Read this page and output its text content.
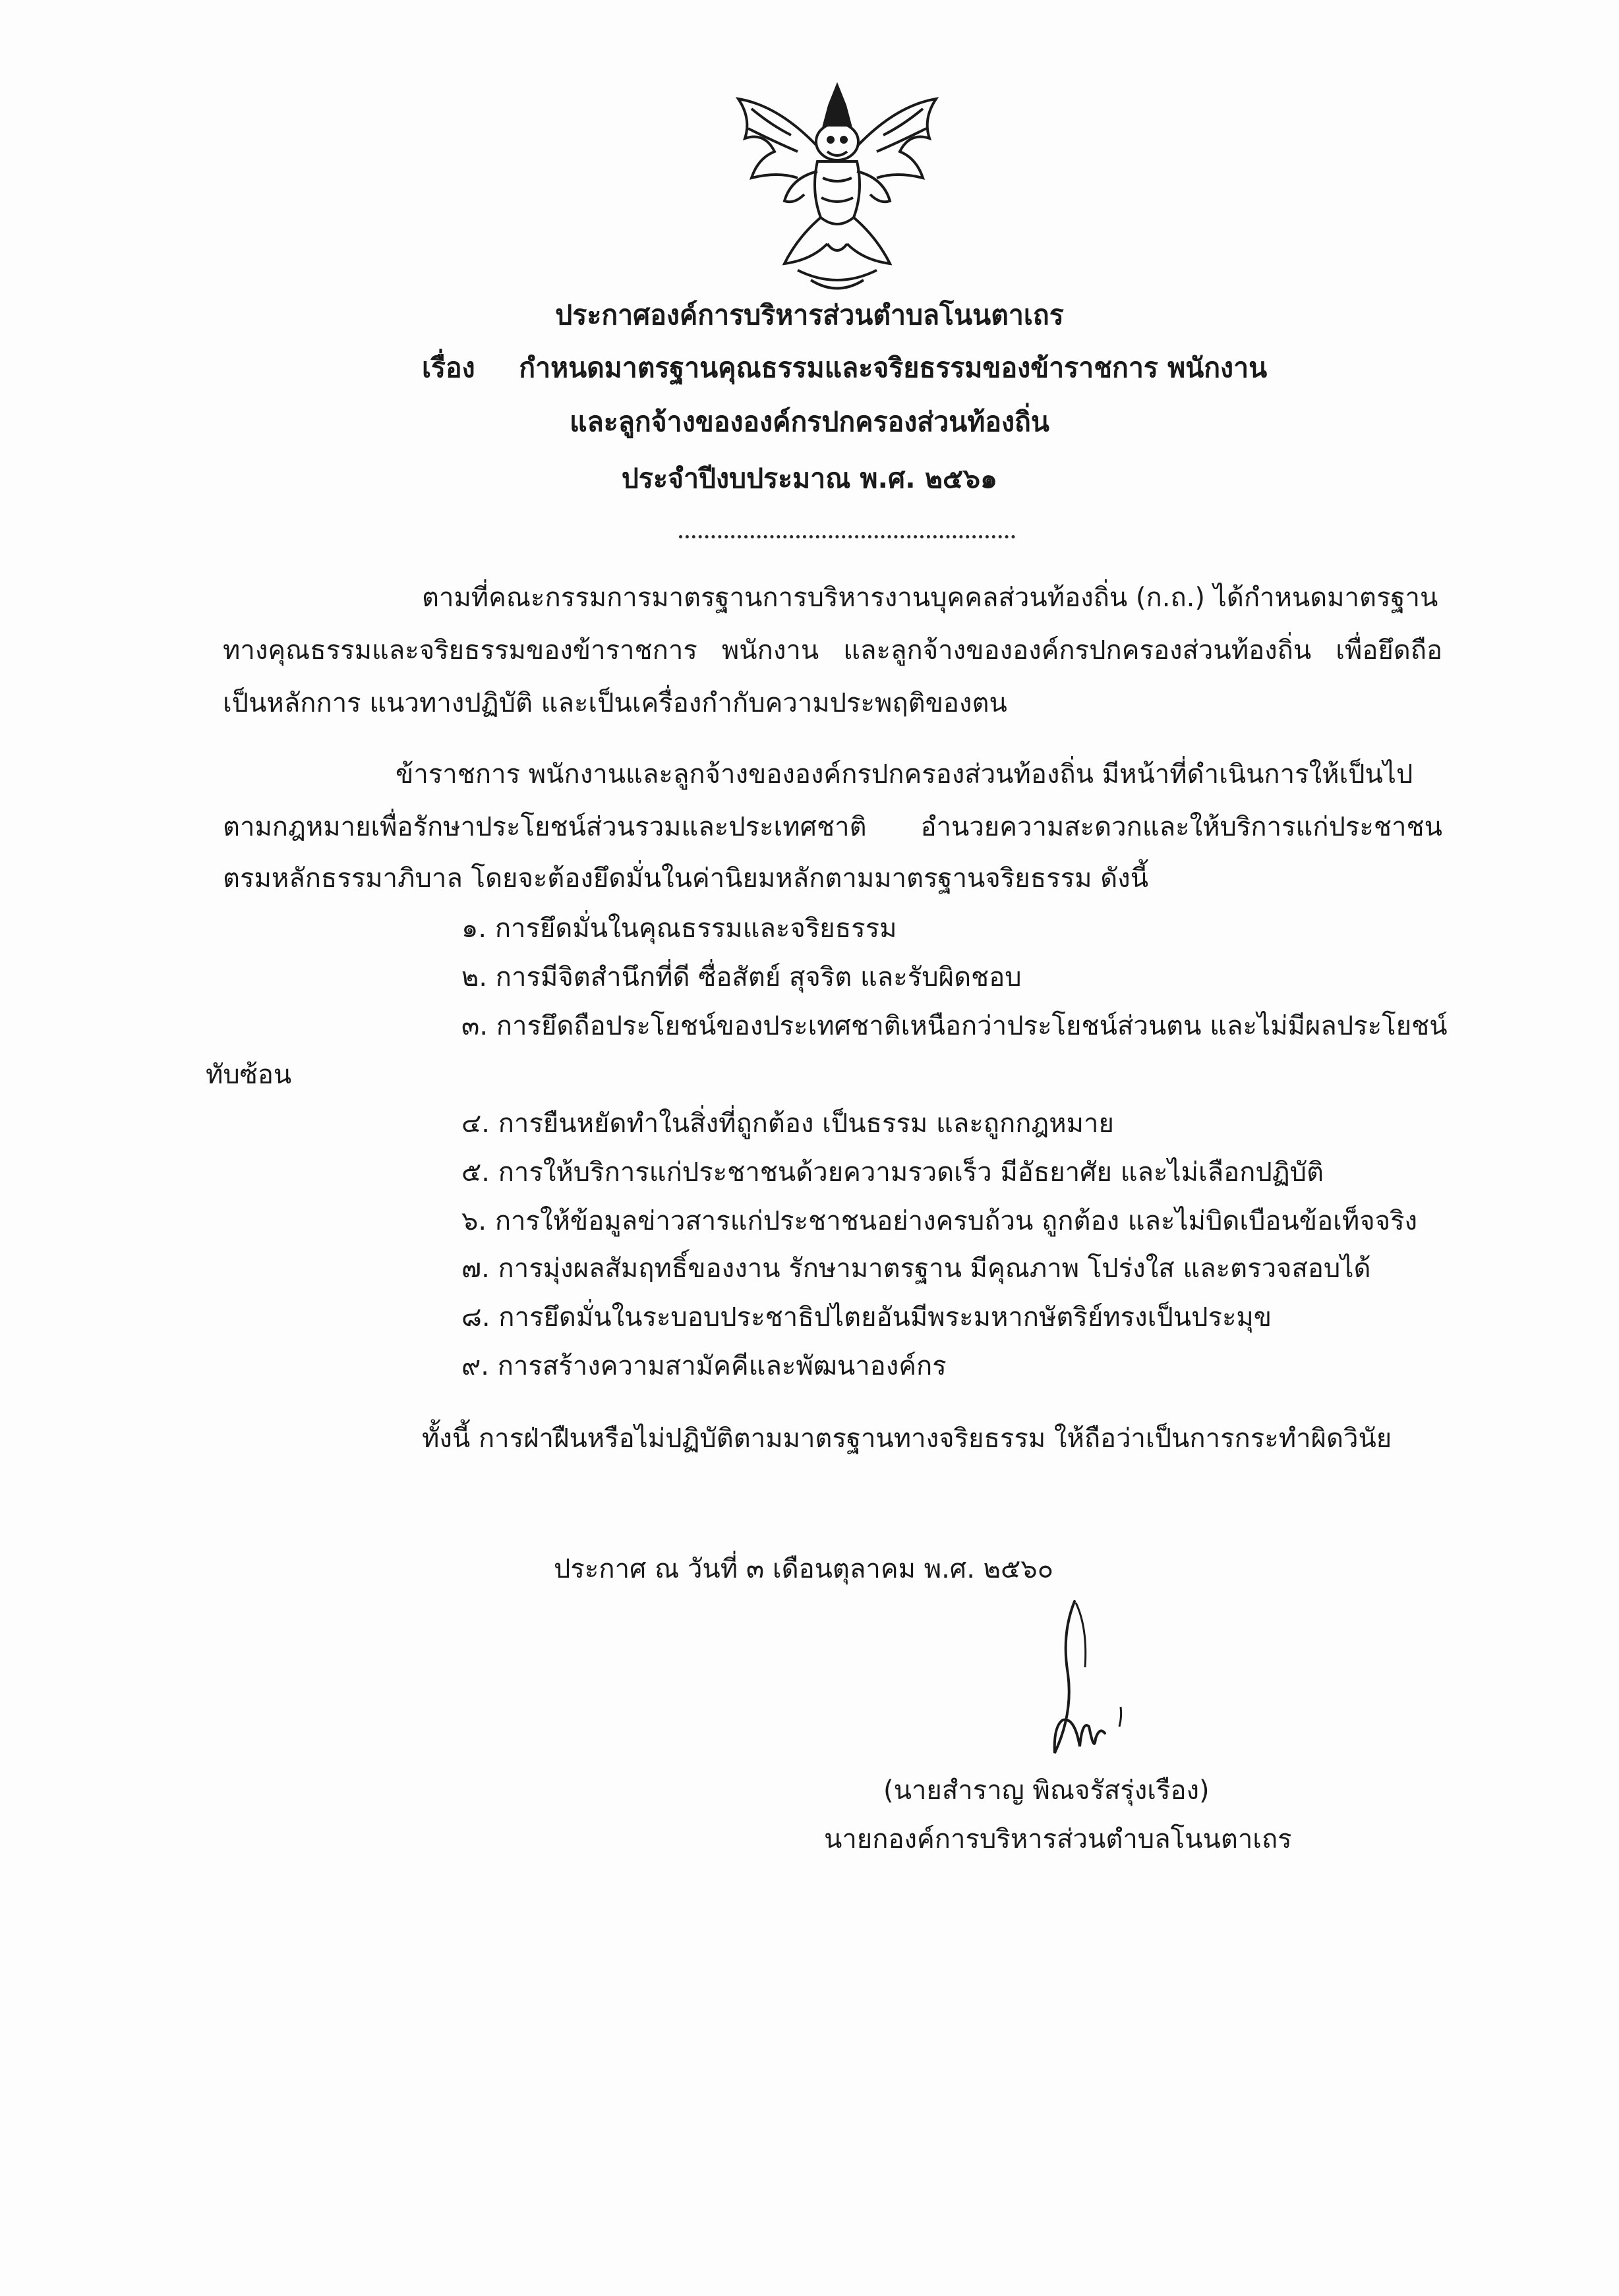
ประกาศองค์การบริหารส่วนตำบลโนนตาเถร
เรื่อง กำหนดมาตรฐานคุณธรรมและจริยธรรมของข้าราชการ พนักงาน
และลูกจ้างขององค์กรปกครองส่วนท้องถิ่น
ประจำปีงบประมาณ พ.ศ. ๒๕๖๑
ตามที่คณะกรรมการมาตรฐานการบริหารงานบุคคลส่วนท้องถิ่น (ก.ถ.) ได้กำหนดมาตรฐาน
ทางคุณธรรมและจริยธรรมของข้าราชการ พนักงาน และลูกจ้างขององค์กรปกครองส่วนท้องถิ่น เพื่อยึดถือ
เป็นหลักการ แนวทางปฏิบัติ และเป็นเครื่องกำกับความประพฤติของตน
ข้าราชการ พนักงานและลูกจ้างขององค์กรปกครองส่วนท้องถิ่น มีหน้าที่ดำเนินการให้เป็นไป
ตามกฎหมายเพื่อรักษาประโยชน์ส่วนรวมและประเทศชาติ อำนวยความสะดวกและให้บริการแก่ประชาชน
ตรมหลักธรรมาภิบาล โดยจะต้องยึดมั่นในค่านิยมหลักตามมาตรฐานจริยธรรม ดังนี้
๑. การยึดมั่นในคุณธรรมและจริยธรรม
๒. การมีจิตสำนึกที่ดี ซื่อสัตย์ สุจริต และรับผิดชอบ
๓. การยึดถือประโยชน์ของประเทศชาติเหนือกว่าประโยชน์ส่วนตน และไม่มีผลประโยชน์
ทับซ้อน
๔. การยืนหยัดทำในสิ่งที่ถูกต้อง เป็นธรรม และถูกกฎหมาย
๕. การให้บริการแก่ประชาชนด้วยความรวดเร็ว มีอัธยาศัย และไม่เลือกปฏิบัติ
๖. การให้ข้อมูลข่าวสารแก่ประชาชนอย่างครบถ้วน ถูกต้อง และไม่บิดเบือนข้อเท็จจริง
๗. การมุ่งผลสัมฤทธิ์ของงาน รักษามาตรฐาน มีคุณภาพ โปร่งใส และตรวจสอบได้
๘. การยึดมั่นในระบอบประชาธิปไตยอันมีพระมหากษัตริย์ทรงเป็นประมุข
๙. การสร้างความสามัคคีและพัฒนาองค์กร
ทั้งนี้ การฝ่าฝืนหรือไม่ปฏิบัติตามมาตรฐานทางจริยธรรม ให้ถือว่าเป็นการกระทำผิดวินัย
ประกาศ ณ วันที่ ๓ เดือนตุลาคม พ.ศ. ๒๕๖๐
(นายสำราญ พิณจรัสรุ่งเรือง)
นายกองค์การบริหารส่วนตำบลโนนตาเถร
